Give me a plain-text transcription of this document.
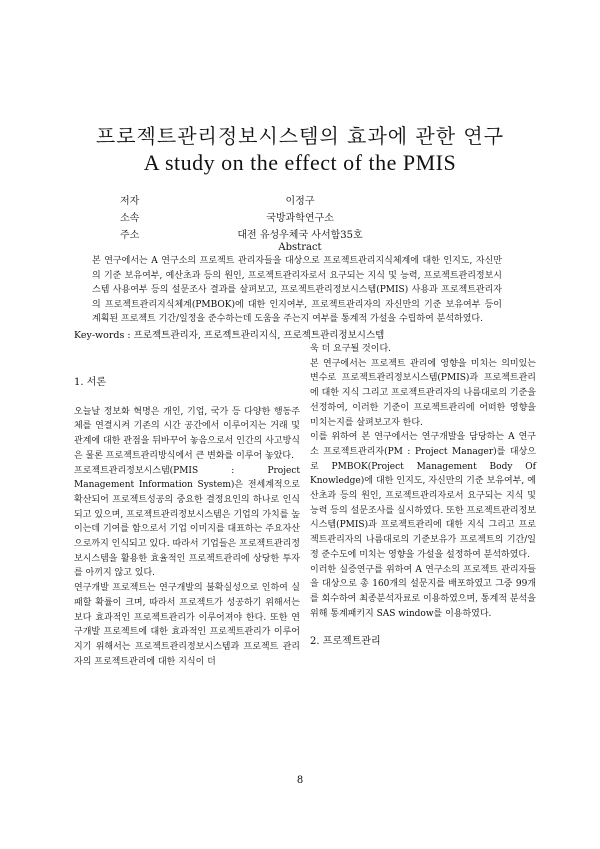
프로젝트관리정보시스템의 효과에 관한 연구
A study on the effect of the PMIS
저자	이정구
소속	국방과학연구소
주소	대전 유성우체국 사서함35호
Abstract
본 연구에서는 A 연구소의 프로젝트 관리자들을 대상으로 프로젝트관리지식체계에 대한 인지도, 자신만의 기준 보유여부, 예산초과 등의 원인, 프로젝트관리자로서 요구되는 지식 및 능력, 프로젝트관리정보시스템 사용여부 등의 설문조사 결과를 살펴보고, 프로젝트관리정보시스템(PMIS) 사용과 프로젝트관리자의 프로젝트관리지식체계(PMBOK)에 대한 인지여부, 프로젝트관리자의 자신만의 기준 보유여부 등이 계획된 프로젝트 기간/일정을 준수하는데 도움을 주는지 여부를 통계적 가설을 수립하여 분석하였다.
Key-words : 프로젝트관리자, 프로젝트관리지식, 프로젝트관리정보시스템
1. 서론

오늘날 정보화 혁명은 개인, 기업, 국가 등 다양한 행동주체를 연결시켜 기존의 시간 공간에서 이루어지는 거래 및 관계에 대한 관점을 뒤바꾸어 놓음으로서 인간의 사고방식은 물론 프로젝트관리방식에서 큰 변화를 이루어 놓았다.

프로젝트관리정보시스템(PMIS : Project Management Information System)은 전세계적으로 확산되어 프로젝트성공의 중요한 결정요인의 하나로 인식되고 있으며, 프로젝트관리정보시스템은 기업의 가치를 높이는데 기여를 함으로서 기업 이미지를 대표하는 주요자산으로까지 인식되고 있다. 따라서 기업들은 프로젝트관리정보시스템을 활용한 효율적인 프로젝트관리에 상당한 투자를 아끼지 않고 있다.

연구개발 프로젝트는 연구개발의 불확실성으로 인하여 실패할 확률이 크며, 따라서 프로젝트가 성공하기 위해서는 보다 효과적인 프로젝트관리가 이루어져야 한다. 또한 연구개발 프로젝트에 대한 효과적인 프로젝트관리가 이루어지기 위해서는 프로젝트관리정보시스템과 프로젝트 관리자의 프로젝트관리에 대한 지식이 더

욱 더 요구될 것이다.

본 연구에서는 프로젝트 관리에 영향을 미치는 의미있는 변수로 프로젝트관리정보시스템(PMIS)과 프로젝트관리에 대한 지식 그리고 프로젝트관리자의 나름대로의 기준을 선정하여, 이러한 기준이 프로젝트관리에 어떠한 영향을 미치는지를 살펴보고자 한다.

이를 위하여 본 연구에서는 연구개발을 담당하는 A 연구소 프로젝트관리자(PM : Project Manager)를 대상으로 PMBOK(Project Management Body Of Knowledge)에 대한 인지도, 자신만의 기준 보유여부, 예산초과 등의 원인, 프로젝트관리자로서 요구되는 지식 및 능력 등의 설문조사를 실시하였다. 또한 프로젝트관리정보시스템(PMIS)과 프로젝트관리에 대한 지식 그리고 프로젝트관리자의 나름대로의 기준보유가 프로젝트의 기간/일정 준수도에 미치는 영향을 가설을 설정하여 분석하였다.

이러한 실증연구를 위하여 A 연구소의 프로젝트 관리자들을 대상으로 총 160개의 설문지를 배포하였고 그중 99개를 회수하여 최종분석자료로 이용하였으며, 통계적 분석을 위해 통계패키지 SAS window를 이용하였다.

2. 프로젝트관리
8
